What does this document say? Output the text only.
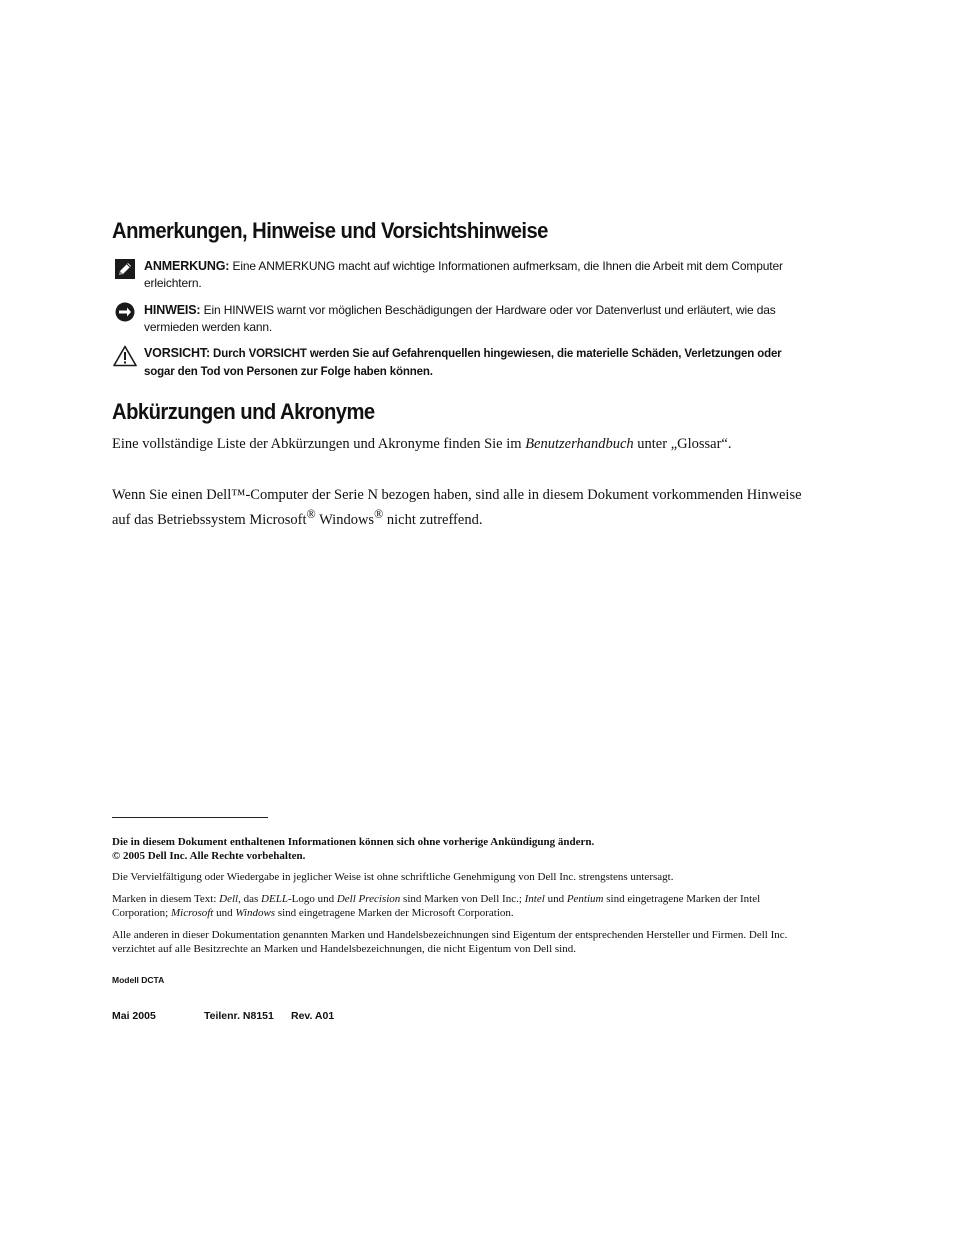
Anmerkungen, Hinweise und Vorsichtshinweise
ANMERKUNG: Eine ANMERKUNG macht auf wichtige Informationen aufmerksam, die Ihnen die Arbeit mit dem Computer erleichtern.
HINWEIS: Ein HINWEIS warnt vor möglichen Beschädigungen der Hardware oder vor Datenverlust und erläutert, wie das vermieden werden kann.
VORSICHT: Durch VORSICHT werden Sie auf Gefahrenquellen hingewiesen, die materielle Schäden, Verletzungen oder sogar den Tod von Personen zur Folge haben können.
Abkürzungen und Akronyme

Eine vollständige Liste der Abkürzungen und Akronyme finden Sie im Benutzerhandbuch unter „Glossar“.

Wenn Sie einen Dell™-Computer der Serie N bezogen haben, sind alle in diesem Dokument vorkommenden Hinweise auf das Betriebssystem Microsoft® Windows® nicht zutreffend.

Die in diesem Dokument enthaltenen Informationen können sich ohne vorherige Ankündigung ändern.
© 2005 Dell Inc. Alle Rechte vorbehalten.

Die Vervielfältigung oder Wiedergabe in jeglicher Weise ist ohne schriftliche Genehmigung von Dell Inc. strengstens untersagt.

Marken in diesem Text: Dell, das DELL-Logo und Dell Precision sind Marken von Dell Inc.; Intel und Pentium sind eingetragene Marken der Intel Corporation; Microsoft und Windows sind eingetragene Marken der Microsoft Corporation.

Alle anderen in dieser Dokumentation genannten Marken und Handelsbezeichnungen sind Eigentum der entsprechenden Hersteller und Firmen. Dell Inc. verzichtet auf alle Besitzrechte an Marken und Handelsbezeichnungen, die nicht Eigentum von Dell sind.

Modell DCTA

Mai 2005	Teilenr. N8151 Rev. A01
